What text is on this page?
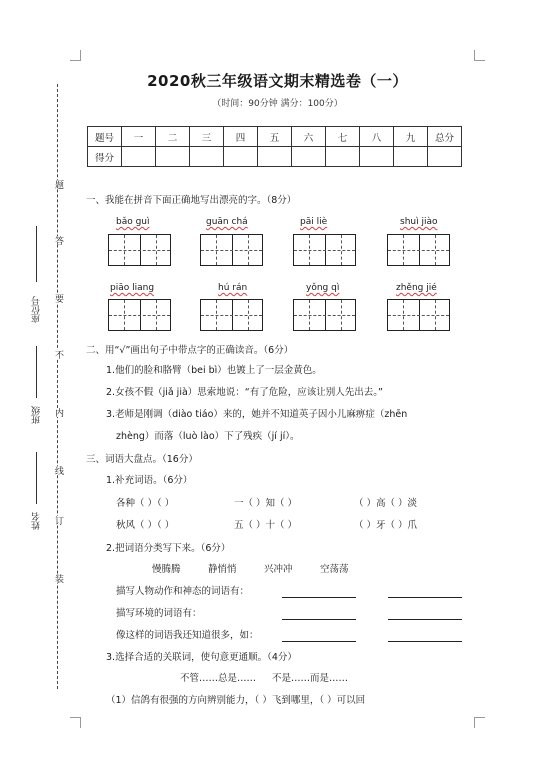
装
订
线
内
不
要
答
题
姓名
班级
座位号
2020秋三年级语文期末精选卷（一）
（时间：90分钟 满分：100分）
题号	一	二	三	四	五	六	七	八	九	总分
得分										
一、我能在拼音下面正确地写出漂亮的字。（8分）
bǎo guì	guān chá	pāi liè	shuì jiào
piāo liang	hú rán	yǒng qì	zhěng jié
二、用“√”画出句子中带点字的正确读音。（6分）
1.他们的脸和胳臂（bei bì）也镀上了一层金黄色。
2.女孩不假（jiǎ jià）思索地说：“有了危险，应该让别人先出去。”
3.老师是刚调（diào tiáo）来的，她并不知道英子因小儿麻痹症（zhēn
zhèng）而落（luò lào）下了残疾（jí jí）。
三、词语大盘点。（16分）
1.补充词语。（6分）
各种（ ）（ ）	一（ ）知（ ）	（ ）高（ ）淡
秋风（ ）（ ）	五（ ）十（ ）	（ ）牙（ ）爪
2.把词语分类写下来。（6分）
慢腾腾	静悄悄	兴冲冲	空荡荡
描写人物动作和神态的词语有：
描写环境的词语有：
像这样的词语我还知道很多，如：
3.选择合适的关联词，使句意更通顺。（4分）
不管……总是…… 不是……而是……
（1）信鸽有很强的方向辨别能力，（ ）飞到哪里，（ ）可以回
